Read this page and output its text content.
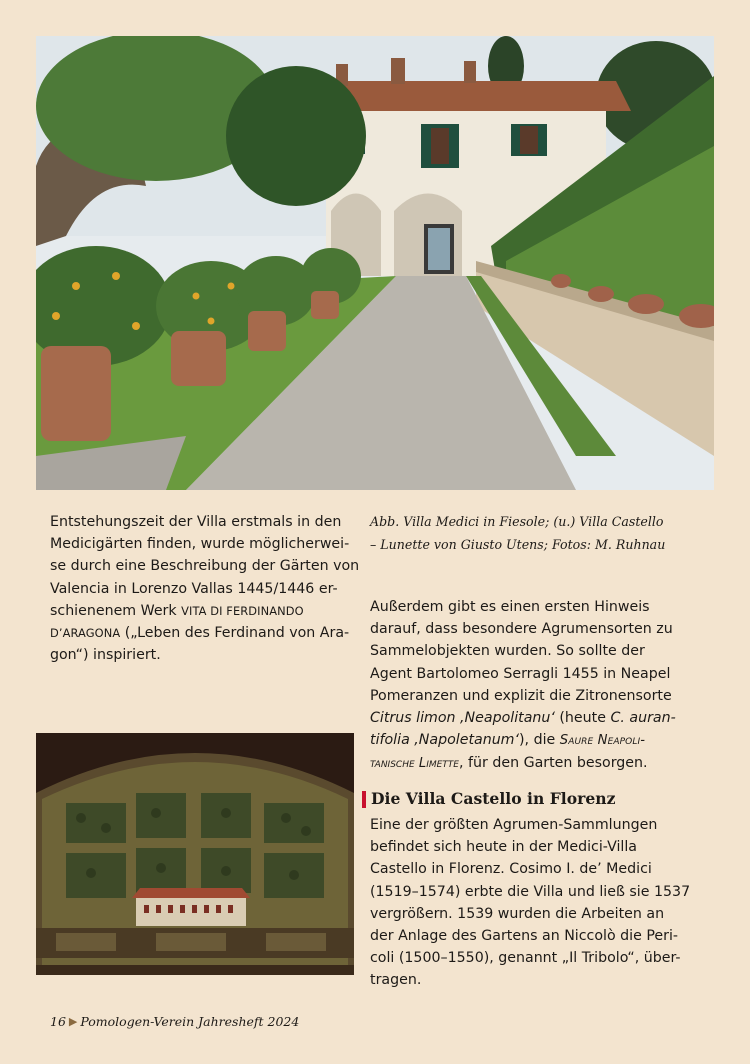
Entstehungszeit der Villa erstmals in den
Medicigärten finden, wurde möglicherwei-
se durch eine Beschreibung der Gärten von
Valencia in Lorenzo Vallas 1445/1446 er-
schienenem Werk VITA DI FERDINANDO
D’ARAGONA („Leben des Ferdinand von Ara-
gon“) inspiriert.
Abb. Villa Medici in Fiesole; (u.) Villa Castello
– Lunette von Giusto Utens; Fotos: M. Ruhnau
Außerdem gibt es einen ersten Hinweis
darauf, dass besondere Agrumensorten zu
Sammelobjekten wurden. So sollte der
Agent Bartolomeo Serragli 1455 in Neapel
Pomeranzen und explizit die Zitronensorte
Citrus limon ‚Neapolitanu‘ (heute C. auran-
tifolia ‚Napoletanum‘), die Saure Neapoli-
tanische Limette, für den Garten besorgen.
Die Villa Castello in Florenz
Eine der größten Agrumen-Sammlungen
befindet sich heute in der Medici-Villa
Castello in Florenz. Cosimo I. de’ Medici
(1519–1574) erbte die Villa und ließ sie 1537
vergrößern. 1539 wurden die Arbeiten an
der Anlage des Gartens an Niccolò die Peri-
coli (1500–1550), genannt „Il Tribolo“, über-
tragen.
16 ▶ Pomologen-Verein Jahresheft 2024
